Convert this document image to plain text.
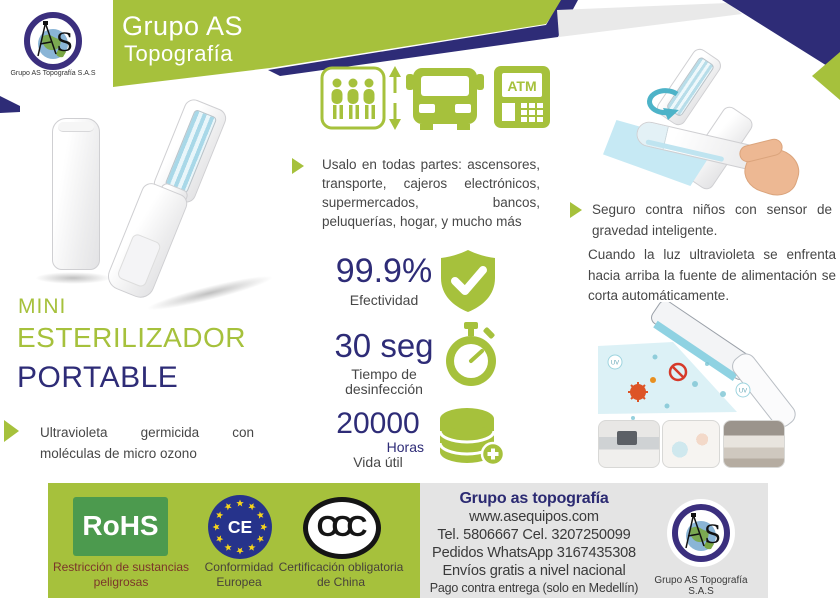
Grupo AS
Topografía
S
Grupo AS Topografía S.A.S
MINI
ESTERILIZADOR
PORTABLE
Ultravioleta germicida con moléculas de micro ozono
ATM
Usalo en todas partes: ascensores, transporte, cajeros electrónicos, supermercados, bancos, peluquerías, hogar, y mucho más
99.9%
Efectividad
30 seg
Tiempo de desinfección
20000
Horas
Vida útil
Seguro contra niños con sensor de gravedad inteligente.
Cuando la luz ultravioleta se enfrenta hacia arriba la fuente de alimentación se corta automáticamente.
UV
UV
RoHS
Restricción de sustancias peligrosas
CE
Conformidad Europea
CCC
Certificación obligatoria de China
Grupo as topografía
www.asequipos.com
Tel. 5806667 Cel. 3207250099
Pedidos WhatsApp 3167435308
Envíos gratis a nivel nacional
Pago contra entrega (solo en Medellín)
S
Grupo AS Topografía S.A.S
